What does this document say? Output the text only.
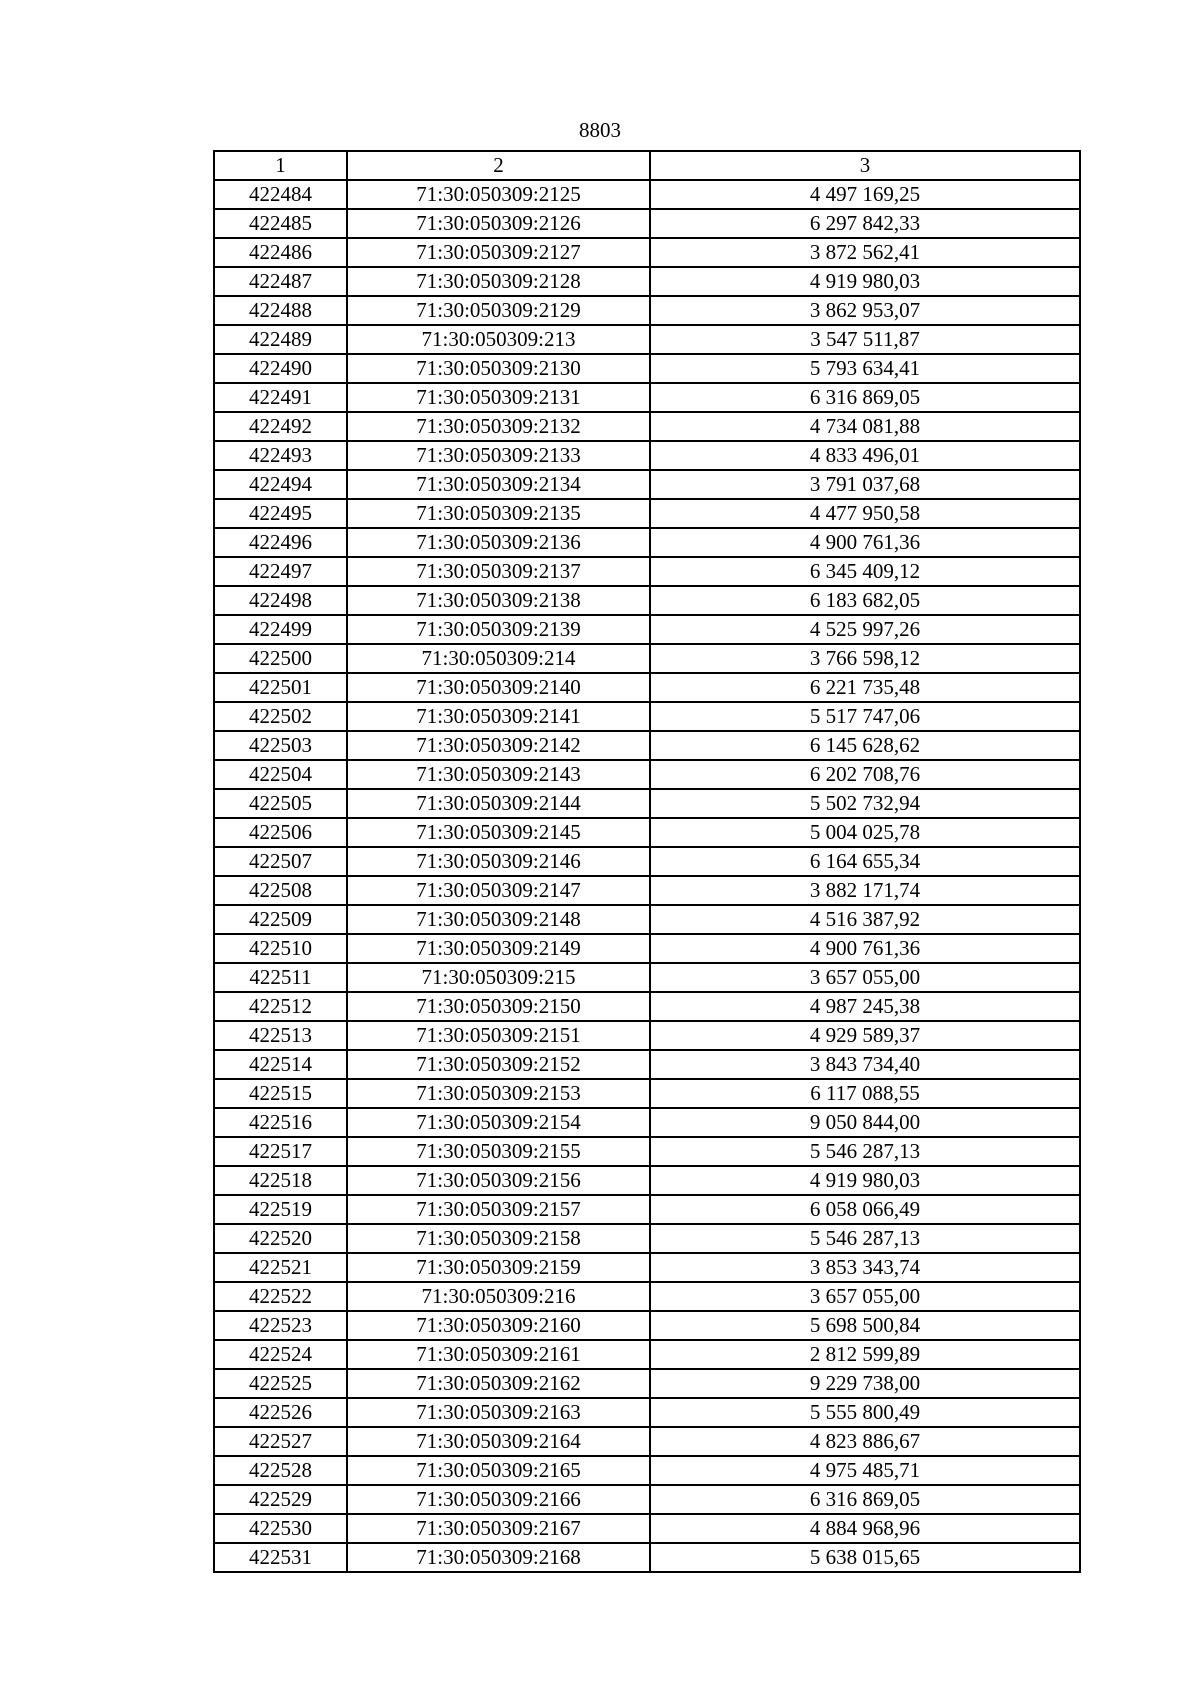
8803
1	2	3
422484	71:30:050309:2125	4 497 169,25
422485	71:30:050309:2126	6 297 842,33
422486	71:30:050309:2127	3 872 562,41
422487	71:30:050309:2128	4 919 980,03
422488	71:30:050309:2129	3 862 953,07
422489	71:30:050309:213	3 547 511,87
422490	71:30:050309:2130	5 793 634,41
422491	71:30:050309:2131	6 316 869,05
422492	71:30:050309:2132	4 734 081,88
422493	71:30:050309:2133	4 833 496,01
422494	71:30:050309:2134	3 791 037,68
422495	71:30:050309:2135	4 477 950,58
422496	71:30:050309:2136	4 900 761,36
422497	71:30:050309:2137	6 345 409,12
422498	71:30:050309:2138	6 183 682,05
422499	71:30:050309:2139	4 525 997,26
422500	71:30:050309:214	3 766 598,12
422501	71:30:050309:2140	6 221 735,48
422502	71:30:050309:2141	5 517 747,06
422503	71:30:050309:2142	6 145 628,62
422504	71:30:050309:2143	6 202 708,76
422505	71:30:050309:2144	5 502 732,94
422506	71:30:050309:2145	5 004 025,78
422507	71:30:050309:2146	6 164 655,34
422508	71:30:050309:2147	3 882 171,74
422509	71:30:050309:2148	4 516 387,92
422510	71:30:050309:2149	4 900 761,36
422511	71:30:050309:215	3 657 055,00
422512	71:30:050309:2150	4 987 245,38
422513	71:30:050309:2151	4 929 589,37
422514	71:30:050309:2152	3 843 734,40
422515	71:30:050309:2153	6 117 088,55
422516	71:30:050309:2154	9 050 844,00
422517	71:30:050309:2155	5 546 287,13
422518	71:30:050309:2156	4 919 980,03
422519	71:30:050309:2157	6 058 066,49
422520	71:30:050309:2158	5 546 287,13
422521	71:30:050309:2159	3 853 343,74
422522	71:30:050309:216	3 657 055,00
422523	71:30:050309:2160	5 698 500,84
422524	71:30:050309:2161	2 812 599,89
422525	71:30:050309:2162	9 229 738,00
422526	71:30:050309:2163	5 555 800,49
422527	71:30:050309:2164	4 823 886,67
422528	71:30:050309:2165	4 975 485,71
422529	71:30:050309:2166	6 316 869,05
422530	71:30:050309:2167	4 884 968,96
422531	71:30:050309:2168	5 638 015,65
